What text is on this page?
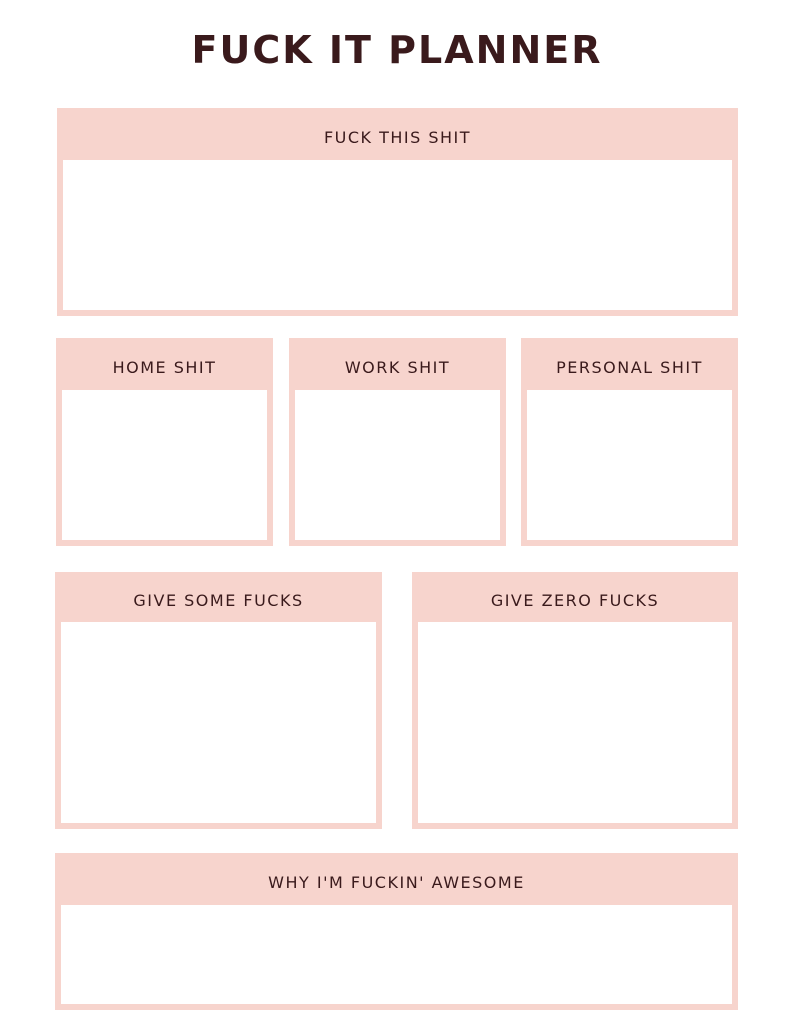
FUCK IT PLANNER
FUCK THIS SHIT
HOME SHIT	WORK SHIT	PERSONAL SHIT
GIVE SOME FUCKS	GIVE ZERO FUCKS
WHY I'M FUCKIN' AWESOME
